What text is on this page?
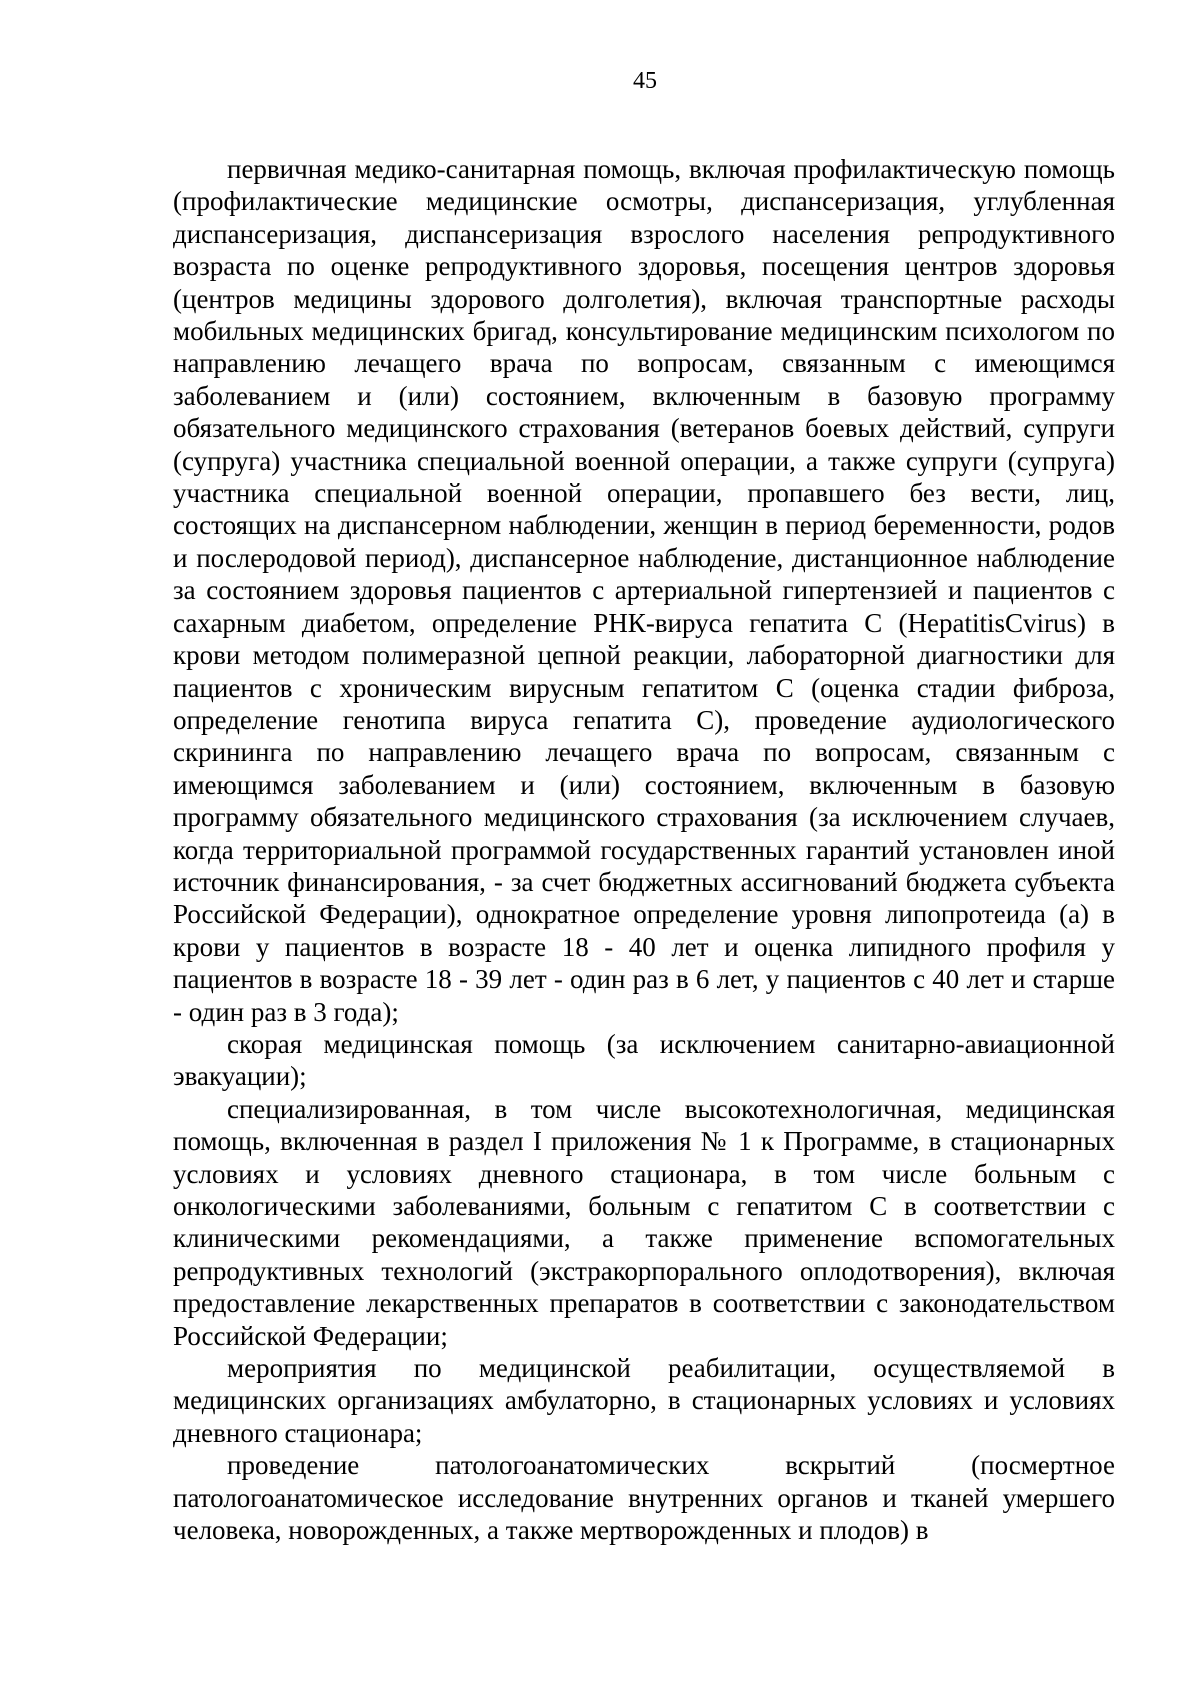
45

первичная медико-санитарная помощь, включая профилактическую помощь (профилактические медицинские осмотры, диспансеризация, углубленная диспансеризация, диспансеризация взрослого населения репродуктивного возраста по оценке репродуктивного здоровья, посещения центров здоровья (центров медицины здорового долголетия), включая транспортные расходы мобильных медицинских бригад, консультирование медицинским психологом по направлению лечащего врача по вопросам, связанным с имеющимся заболеванием и (или) состоянием, включенным в базовую программу обязательного медицинского страхования (ветеранов боевых действий, супруги (супруга) участника специальной военной операции, а также супруги (супруга) участника специальной военной операции, пропавшего без вести, лиц, состоящих на диспансерном наблюдении, женщин в период беременности, родов и послеродовой период), диспансерное наблюдение, дистанционное наблюдение за состоянием здоровья пациентов с артериальной гипертензией и пациентов с сахарным диабетом, определение РНК-вируса гепатита С (HepatitisCvirus) в крови методом полимеразной цепной реакции, лабораторной диагностики для пациентов с хроническим вирусным гепатитом С (оценка стадии фиброза, определение генотипа вируса гепатита С), проведение аудиологического скрининга по направлению лечащего врача по вопросам, связанным с имеющимся заболеванием и (или) состоянием, включенным в базовую программу обязательного медицинского страхования (за исключением случаев, когда территориальной программой государственных гарантий установлен иной источник финансирования, - за счет бюджетных ассигнований бюджета субъекта Российской Федерации), однократное определение уровня липопротеида (а) в крови у пациентов в возрасте 18 - 40 лет и оценка липидного профиля у пациентов в возрасте 18 - 39 лет - один раз в 6 лет, у пациентов с 40 лет и старше - один раз в 3 года);

скорая медицинская помощь (за исключением санитарно-авиационной эвакуации);

специализированная, в том числе высокотехнологичная, медицинская помощь, включенная в раздел I приложения № 1 к Программе, в стационарных условиях и условиях дневного стационара, в том числе больным с онкологическими заболеваниями, больным с гепатитом С в соответствии с клиническими рекомендациями, а также применение вспомогательных репродуктивных технологий (экстракорпорального оплодотворения), включая предоставление лекарственных препаратов в соответствии с законодательством Российской Федерации;

мероприятия по медицинской реабилитации, осуществляемой в медицинских организациях амбулаторно, в стационарных условиях и условиях дневного стационара;

проведение патологоанатомических вскрытий (посмертное патологоанатомическое исследование внутренних органов и тканей умершего человека, новорожденных, а также мертворожденных и плодов) в
